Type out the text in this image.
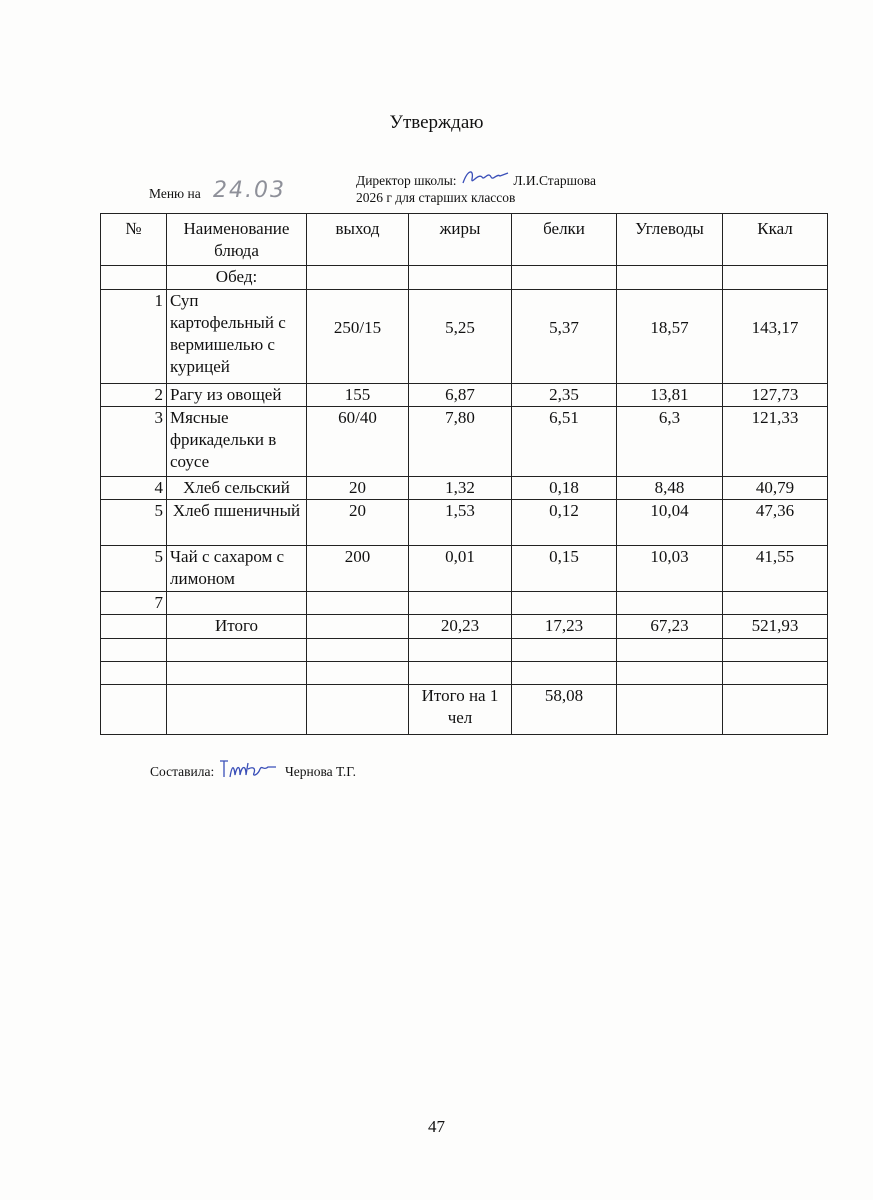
Утверждаю
Директор школы:	Л.И.Старшова
2026 г для старших классов
Меню на 24.03
№	Наименование блюда	выход	жиры	белки	Углеводы	Ккал
	Обед:					
1	Суп картофельный с вермишелью с курицей	250/15	5,25	5,37	18,57	143,17
2	Рагу из овощей	155	6,87	2,35	13,81	127,73
3	Мясные фрикадельки в соусе	60/40	7,80	6,51	6,3	121,33
4	Хлеб сельский	20	1,32	0,18	8,48	40,79
5	Хлеб пшеничный	20	1,53	0,12	10,04	47,36
5	Чай с сахаром с лимоном	200	0,01	0,15	10,03	41,55
7						
	Итого		20,23	17,23	67,23	521,93

			Итого на 1 чел	58,08		
Составила:	Чернова Т.Г.
47
